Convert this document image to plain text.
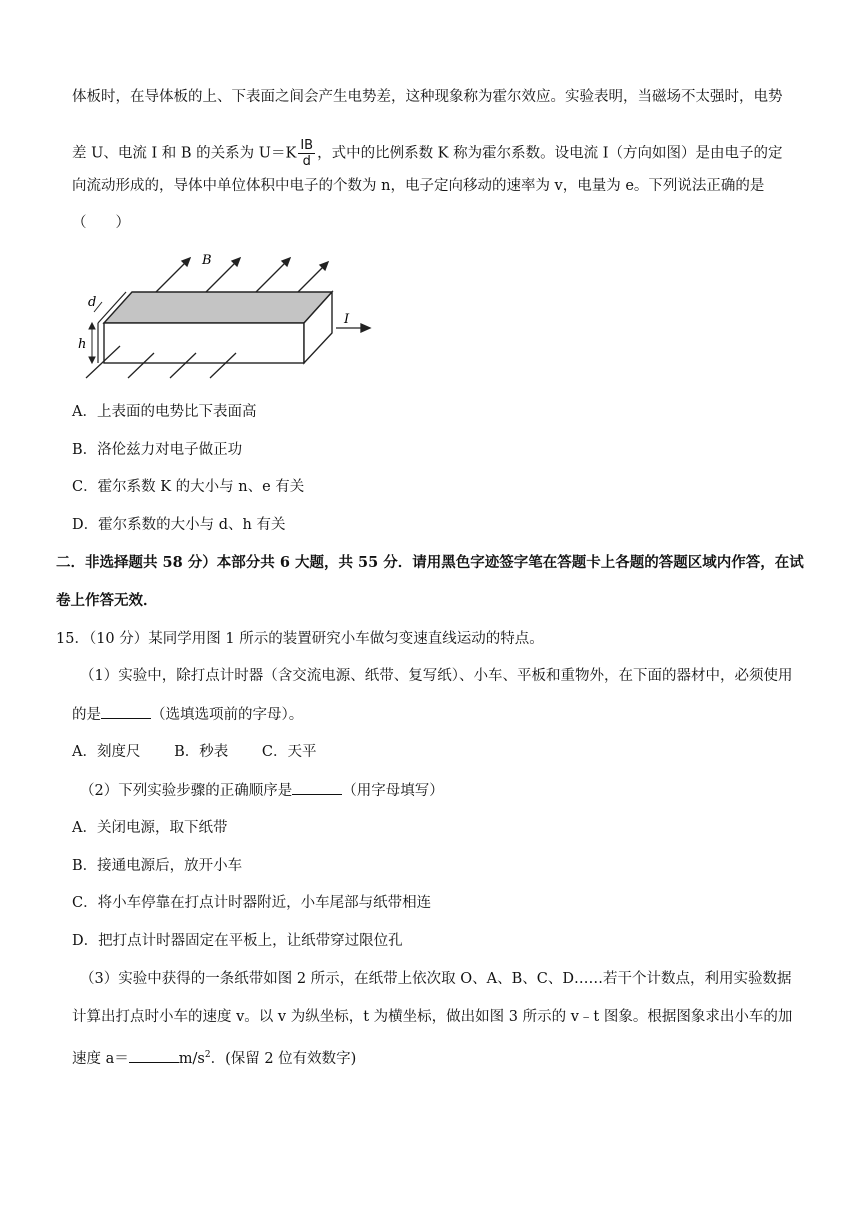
体板时，在导体板的上、下表面之间会产生电势差，这种现象称为霍尔效应。实验表明，当磁场不太强时，电势
差 U、电流 I 和 B 的关系为 $U=K \frac{IB}{d}$ ，式中的比例系数 K 称为霍尔系数。设电流 I（方向如图）是由电子的定
向流动形成的，导体中单位体积中电子的个数为 n，电子定向移动的速率为 v，电量为 e。下列说法正确的是
（　　）
B
d
h
I
A．上表面的电势比下表面高
B．洛伦兹力对电子做正功
C．霍尔系数 K 的大小与 n、e 有关
D．霍尔系数的大小与 d、h 有关
二．非选择题共 58 分）本部分共 6 大题，共 55 分．请用黑色字迹签字笔在答题卡上各题的答题区域内作答，在试
卷上作答无效．
15．（10 分）某同学用图 1 所示的装置研究小车做匀变速直线运动的特点。
（1）实验中，除打点计时器（含交流电源、纸带、复写纸）、小车、平板和重物外，在下面的器材中，必须使用
的是	（选填选项前的字母）。
A．刻度尺　　 B．秒表　　 C．天平
（2）下列实验步骤的正确顺序是	（用字母填写）
A．关闭电源，取下纸带
B．接通电源后，放开小车
C．将小车停靠在打点计时器附近，小车尾部与纸带相连
D．把打点计时器固定在平板上，让纸带穿过限位孔
（3）实验中获得的一条纸带如图 2 所示，在纸带上依次取 O、A、B、C、D……若干个计数点，利用实验数据
计算出打点时小车的速度 v。以 v 为纵坐标，t 为横坐标，做出如图 3 所示的 v﹣t 图象。根据图象求出小车的加
速度 a＝	$m/s^2$．(保留 2 位有效数字)
